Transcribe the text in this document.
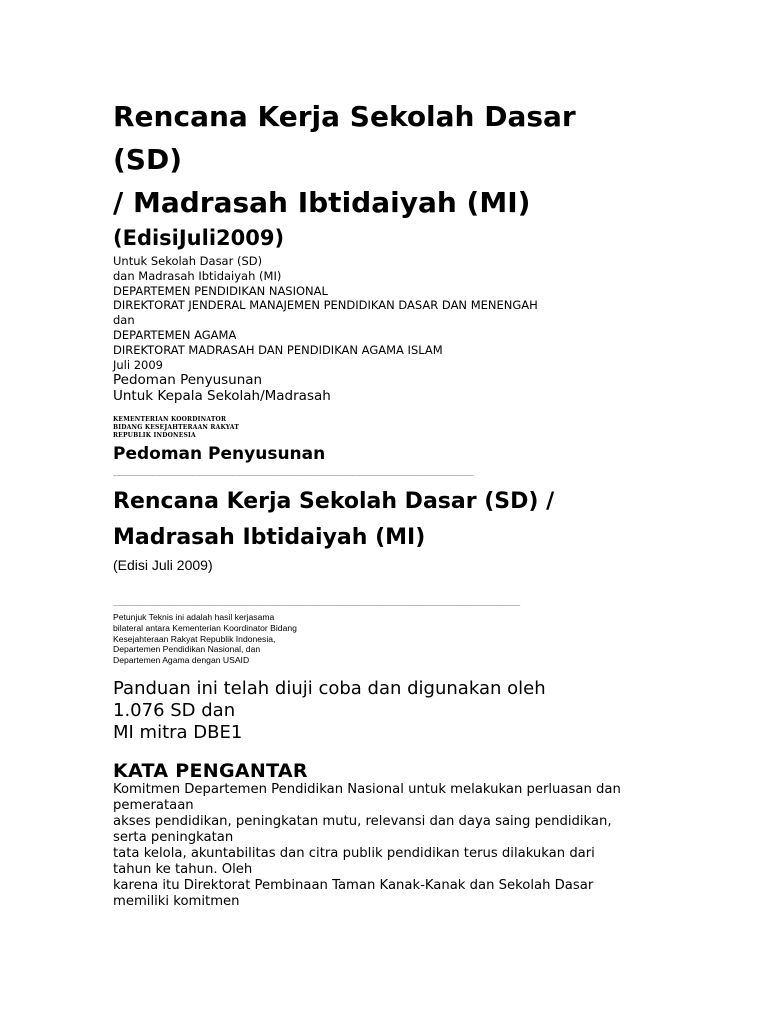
Rencana Kerja Sekolah Dasar

(SD)

/ Madrasah Ibtidaiyah (MI)

(EdisiJuli2009)

Untuk Sekolah Dasar (SD)

dan Madrasah Ibtidaiyah (MI)

DEPARTEMEN PENDIDIKAN NASIONAL

DIREKTORAT JENDERAL MANAJEMEN PENDIDIKAN DASAR DAN MENENGAH

dan

DEPARTEMEN AGAMA

DIREKTORAT MADRASAH DAN PENDIDIKAN AGAMA ISLAM

Juli 2009

Pedoman Penyusunan

Untuk Kepala Sekolah/Madrasah

KEMENTERIAN KOORDINATOR

BIDANG KESEJAHTERAAN RAKYAT

REPUBLIK INDONESIA

Pedoman Penyusunan

______________________________________________________

Rencana Kerja Sekolah Dasar (SD) /

Madrasah Ibtidaiyah (MI)

(Edisi Juli 2009)

_____________________________________________________________

Petunjuk Teknis ini adalah hasil kerjasama

bilateral antara Kementerian Koordinator Bidang

Kesejahteraan Rakyat Republik Indonesia,

Departemen Pendidikan Nasional, dan

Departemen Agama dengan USAID

Panduan ini telah diuji coba dan digunakan oleh

1.076 SD dan

MI mitra DBE1

KATA PENGANTAR

Komitmen Departemen Pendidikan Nasional untuk melakukan perluasan dan

pemerataan

akses pendidikan, peningkatan mutu, relevansi dan daya saing pendidikan,

serta peningkatan

tata kelola, akuntabilitas dan citra publik pendidikan terus dilakukan dari

tahun ke tahun. Oleh

karena itu Direktorat Pembinaan Taman Kanak-Kanak dan Sekolah Dasar

memiliki komitmen
